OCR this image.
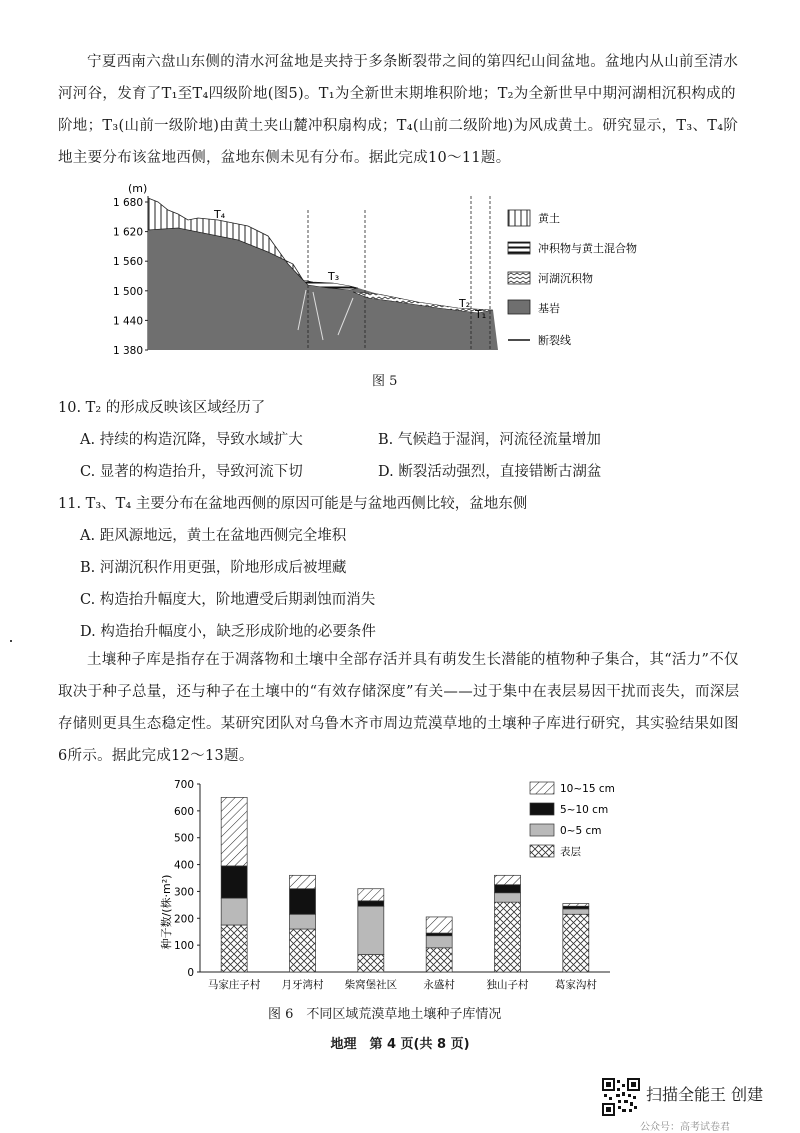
宁夏西南六盘山东侧的清水河盆地是夹持于多条断裂带之间的第四纪山间盆地。盆地内从山前至清水河河谷，发育了T₁至T₄四级阶地(图5)。T₁为全新世末期堆积阶地；T₂为全新世早中期河湖相沉积构成的阶地；T₃(山前一级阶地)由黄土夹山麓冲积扇构成；T₄(山前二级阶地)为风成黄土。研究显示，T₃、T₄阶地主要分布该盆地西侧，盆地东侧未见有分布。据此完成10～11题。

(m)
1 680
1 620
1 560
1 500
1 440
1 380
T₄
T₃
T₂
T₁
黄土
冲积物与黄土混合物
河湖沉积物
基岩
断裂线
图 5

10. T₂ 的形成反映该区域经历了

A. 持续的构造沉降，导致水域扩大	B. 气候趋于湿润，河流径流量增加

C. 显著的构造抬升，导致河流下切	D. 断裂活动强烈，直接错断古湖盆

11. T₃、T₄ 主要分布在盆地西侧的原因可能是与盆地西侧比较，盆地东侧

A. 距风源地远，黄土在盆地西侧完全堆积

B. 河湖沉积作用更强，阶地形成后被埋藏

C. 构造抬升幅度大，阶地遭受后期剥蚀而消失

D. 构造抬升幅度小，缺乏形成阶地的必要条件

土壤种子库是指存在于凋落物和土壤中全部存活并具有萌发生长潜能的植物种子集合，其“活力”不仅取决于种子总量，还与种子在土壤中的“有效存储深度”有关——过于集中在表层易因干扰而丧失，而深层存储则更具生态稳定性。某研究团队对乌鲁木齐市周边荒漠草地的土壤种子库进行研究，其实验结果如图6所示。据此完成12～13题。

0
100
200
300
400
500
600
700
马家庄子村 月牙湾村 柴窝堡社区	永盛村	独山子村	葛家沟村
10~15 cm
5~10 cm
0~5 cm
表层
种子数/(株·m²)
图 6　不同区域荒漠草地土壤种子库情况
地理　第 4 页(共 8 页)
扫描全能王 创建
公众号：高考试卷君
